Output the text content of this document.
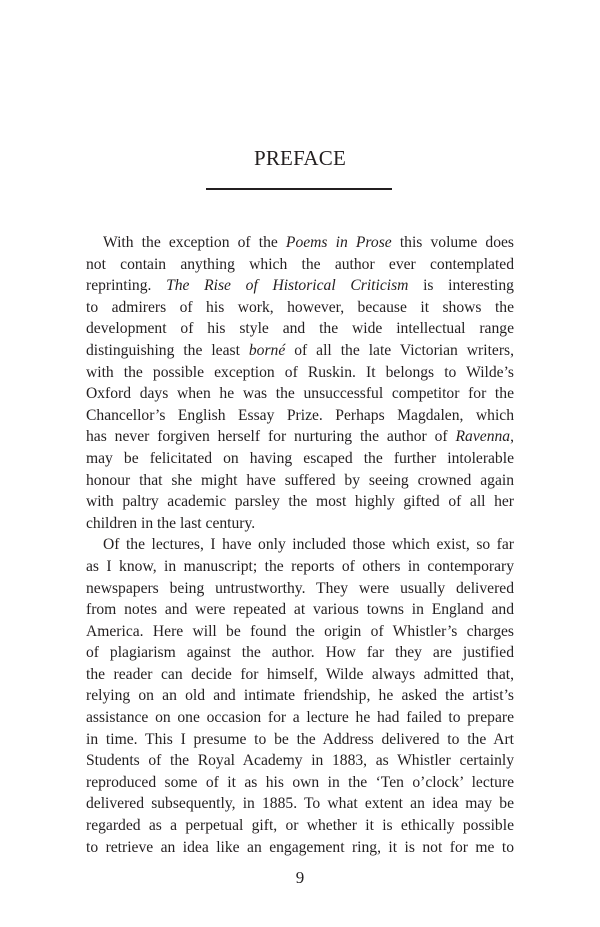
PREFACE
With the exception of the Poems in Prose this volume does
not contain anything which the author ever contemplated
reprinting. The Rise of Historical Criticism is interesting
to admirers of his work, however, because it shows the
development of his style and the wide intellectual range
distinguishing the least borné of all the late Victorian writers,
with the possible exception of Ruskin. It belongs to Wilde’s
Oxford days when he was the unsuccessful competitor for the
Chancellor’s English Essay Prize. Perhaps Magdalen, which
has never forgiven herself for nurturing the author of Ravenna,
may be felicitated on having escaped the further intolerable
honour that she might have suffered by seeing crowned again
with paltry academic parsley the most highly gifted of all her
children in the last century.
Of the lectures, I have only included those which exist, so far
as I know, in manuscript; the reports of others in contemporary
newspapers being untrustworthy. They were usually delivered
from notes and were repeated at various towns in England and
America. Here will be found the origin of Whistler’s charges
of plagiarism against the author. How far they are justified
the reader can decide for himself, Wilde always admitted that,
relying on an old and intimate friendship, he asked the artist’s
assistance on one occasion for a lecture he had failed to prepare
in time. This I presume to be the Address delivered to the Art
Students of the Royal Academy in 1883, as Whistler certainly
reproduced some of it as his own in the ‘Ten o’clock’ lecture
delivered subsequently, in 1885. To what extent an idea may be
regarded as a perpetual gift, or whether it is ethically possible
to retrieve an idea like an engagement ring, it is not for me to

9
